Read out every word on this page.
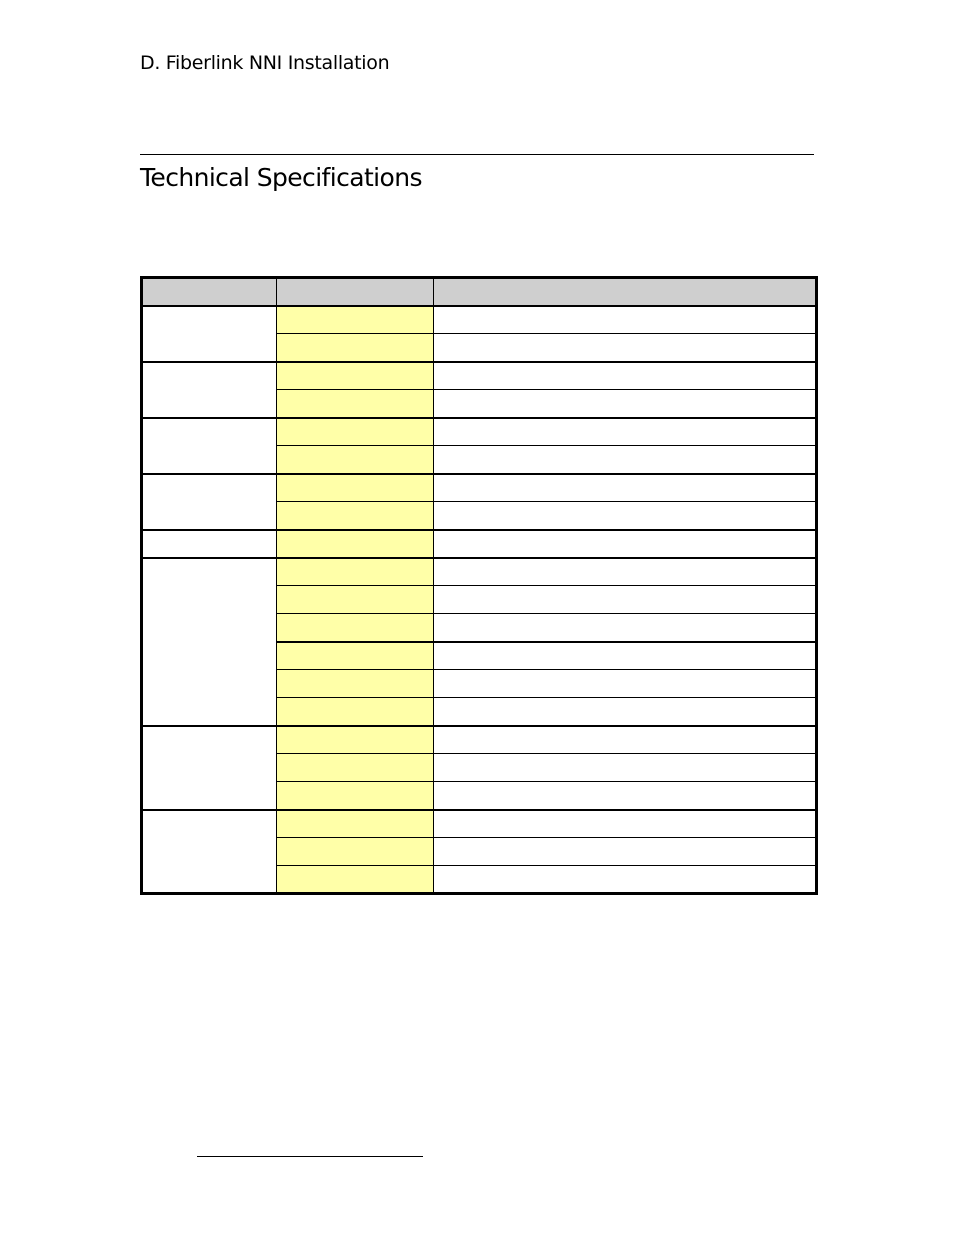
D. Fiberlink NNI Installation
Technical Specifications
